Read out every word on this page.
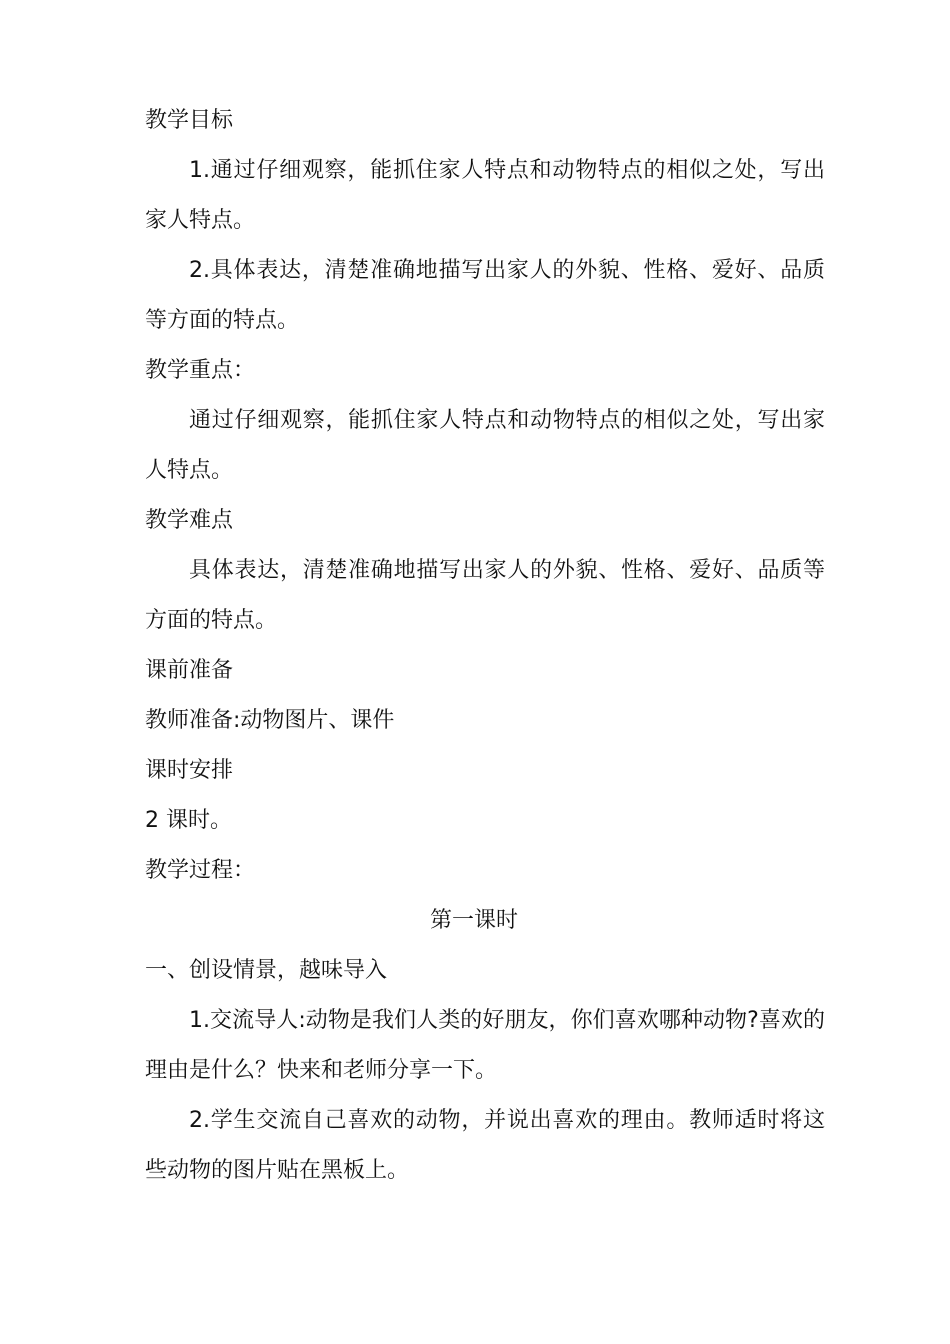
教学目标

1.通过仔细观察，能抓住家人特点和动物特点的相似之处，写出家人特点。

2.具体表达，清楚准确地描写出家人的外貌、性格、爱好、品质等方面的特点。

教学重点：

通过仔细观察，能抓住家人特点和动物特点的相似之处，写出家人特点。

教学难点

具体表达，清楚准确地描写出家人的外貌、性格、爱好、品质等方面的特点。

课前准备

教师准备:动物图片、课件

课时安排

2 课时。

教学过程：

第一课时

一、创设情景，越味导入

1.交流导人:动物是我们人类的好朋友，你们喜欢哪种动物?喜欢的理由是什么？快来和老师分享一下。

2.学生交流自己喜欢的动物，并说出喜欢的理由。教师适时将这些动物的图片贴在黑板上。
